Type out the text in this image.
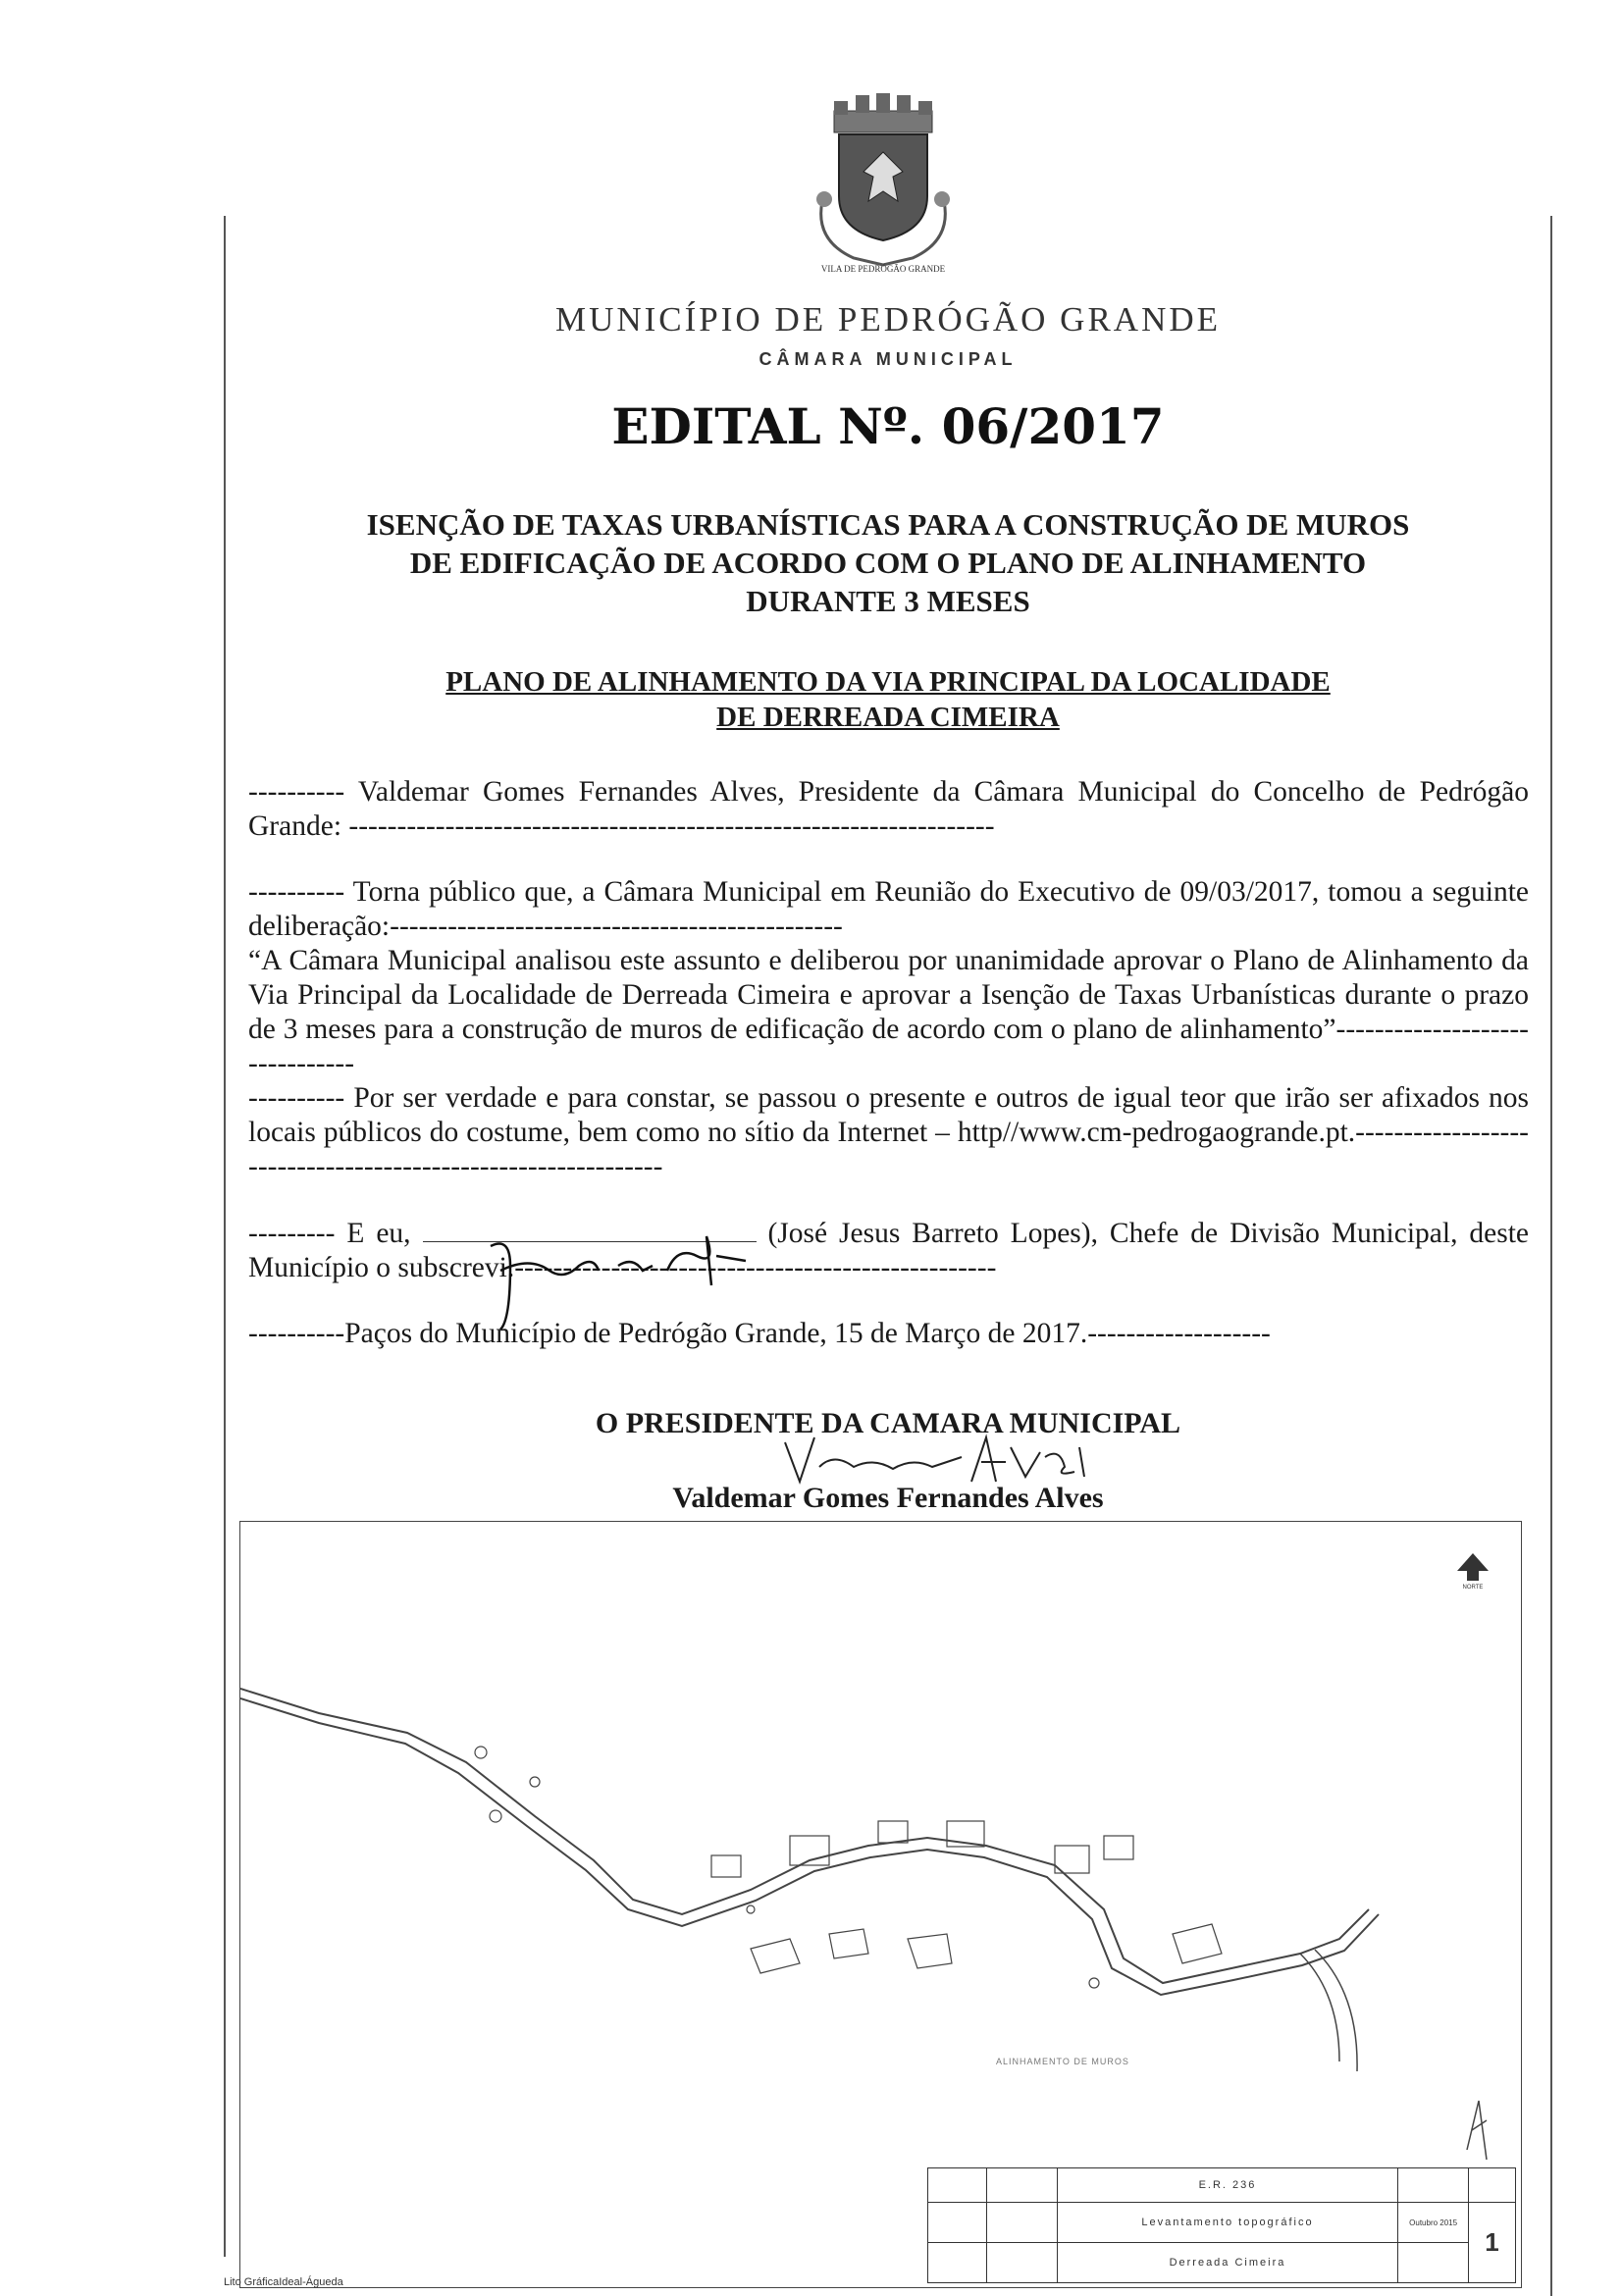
VILA DE PEDRÓGÃO GRANDE
MUNICÍPIO DE PEDRÓGÃO GRANDE
CÂMARA MUNICIPAL
EDITAL Nº. 06/2017
ISENÇÃO DE TAXAS URBANÍSTICAS PARA A CONSTRUÇÃO DE MUROS
DE EDIFICAÇÃO DE ACORDO COM O PLANO DE ALINHAMENTO
DURANTE 3 MESES
PLANO DE ALINHAMENTO DA VIA PRINCIPAL DA LOCALIDADE
DE DERREADA CIMEIRA

---------- Valdemar Gomes Fernandes Alves, Presidente da Câmara Municipal do Concelho de Pedrógão Grande: -------------------------------------------------------------------

---------- Torna público que, a Câmara Municipal em Reunião do Executivo de 09/03/2017, tomou a seguinte deliberação:-----------------------------------------------

“A Câmara Municipal analisou este assunto e deliberou por unanimidade aprovar o Plano de Alinhamento da Via Principal da Localidade de Derreada Cimeira e aprovar a Isenção de Taxas Urbanísticas durante o prazo de 3 meses para a construção de muros de edificação de acordo com o plano de alinhamento”-------------------------------

---------- Por ser verdade e para constar, se passou o presente e outros de igual teor que irão ser afixados nos locais públicos do costume, bem como no sítio da Internet – http//www.cm-pedrogaogrande.pt.-------------------------------------------------------------

--------- E eu,	(José Jesus Barreto Lopes), Chefe de Divisão Municipal, deste Município o subscrevi.--------------------------------------------------

----------Paços do Município de Pedrógão Grande, 15 de Março de 2017.-------------------

O PRESIDENTE DA CAMARA MUNICIPAL
Valdemar Gomes Fernandes Alves
NORTE
ALINHAMENTO DE MUROS
		E.R. 236		
		Levantamento topográfico	Outubro 2015	1
		Derreada Cimeira		
Lito GráficaIdeal-Águeda
